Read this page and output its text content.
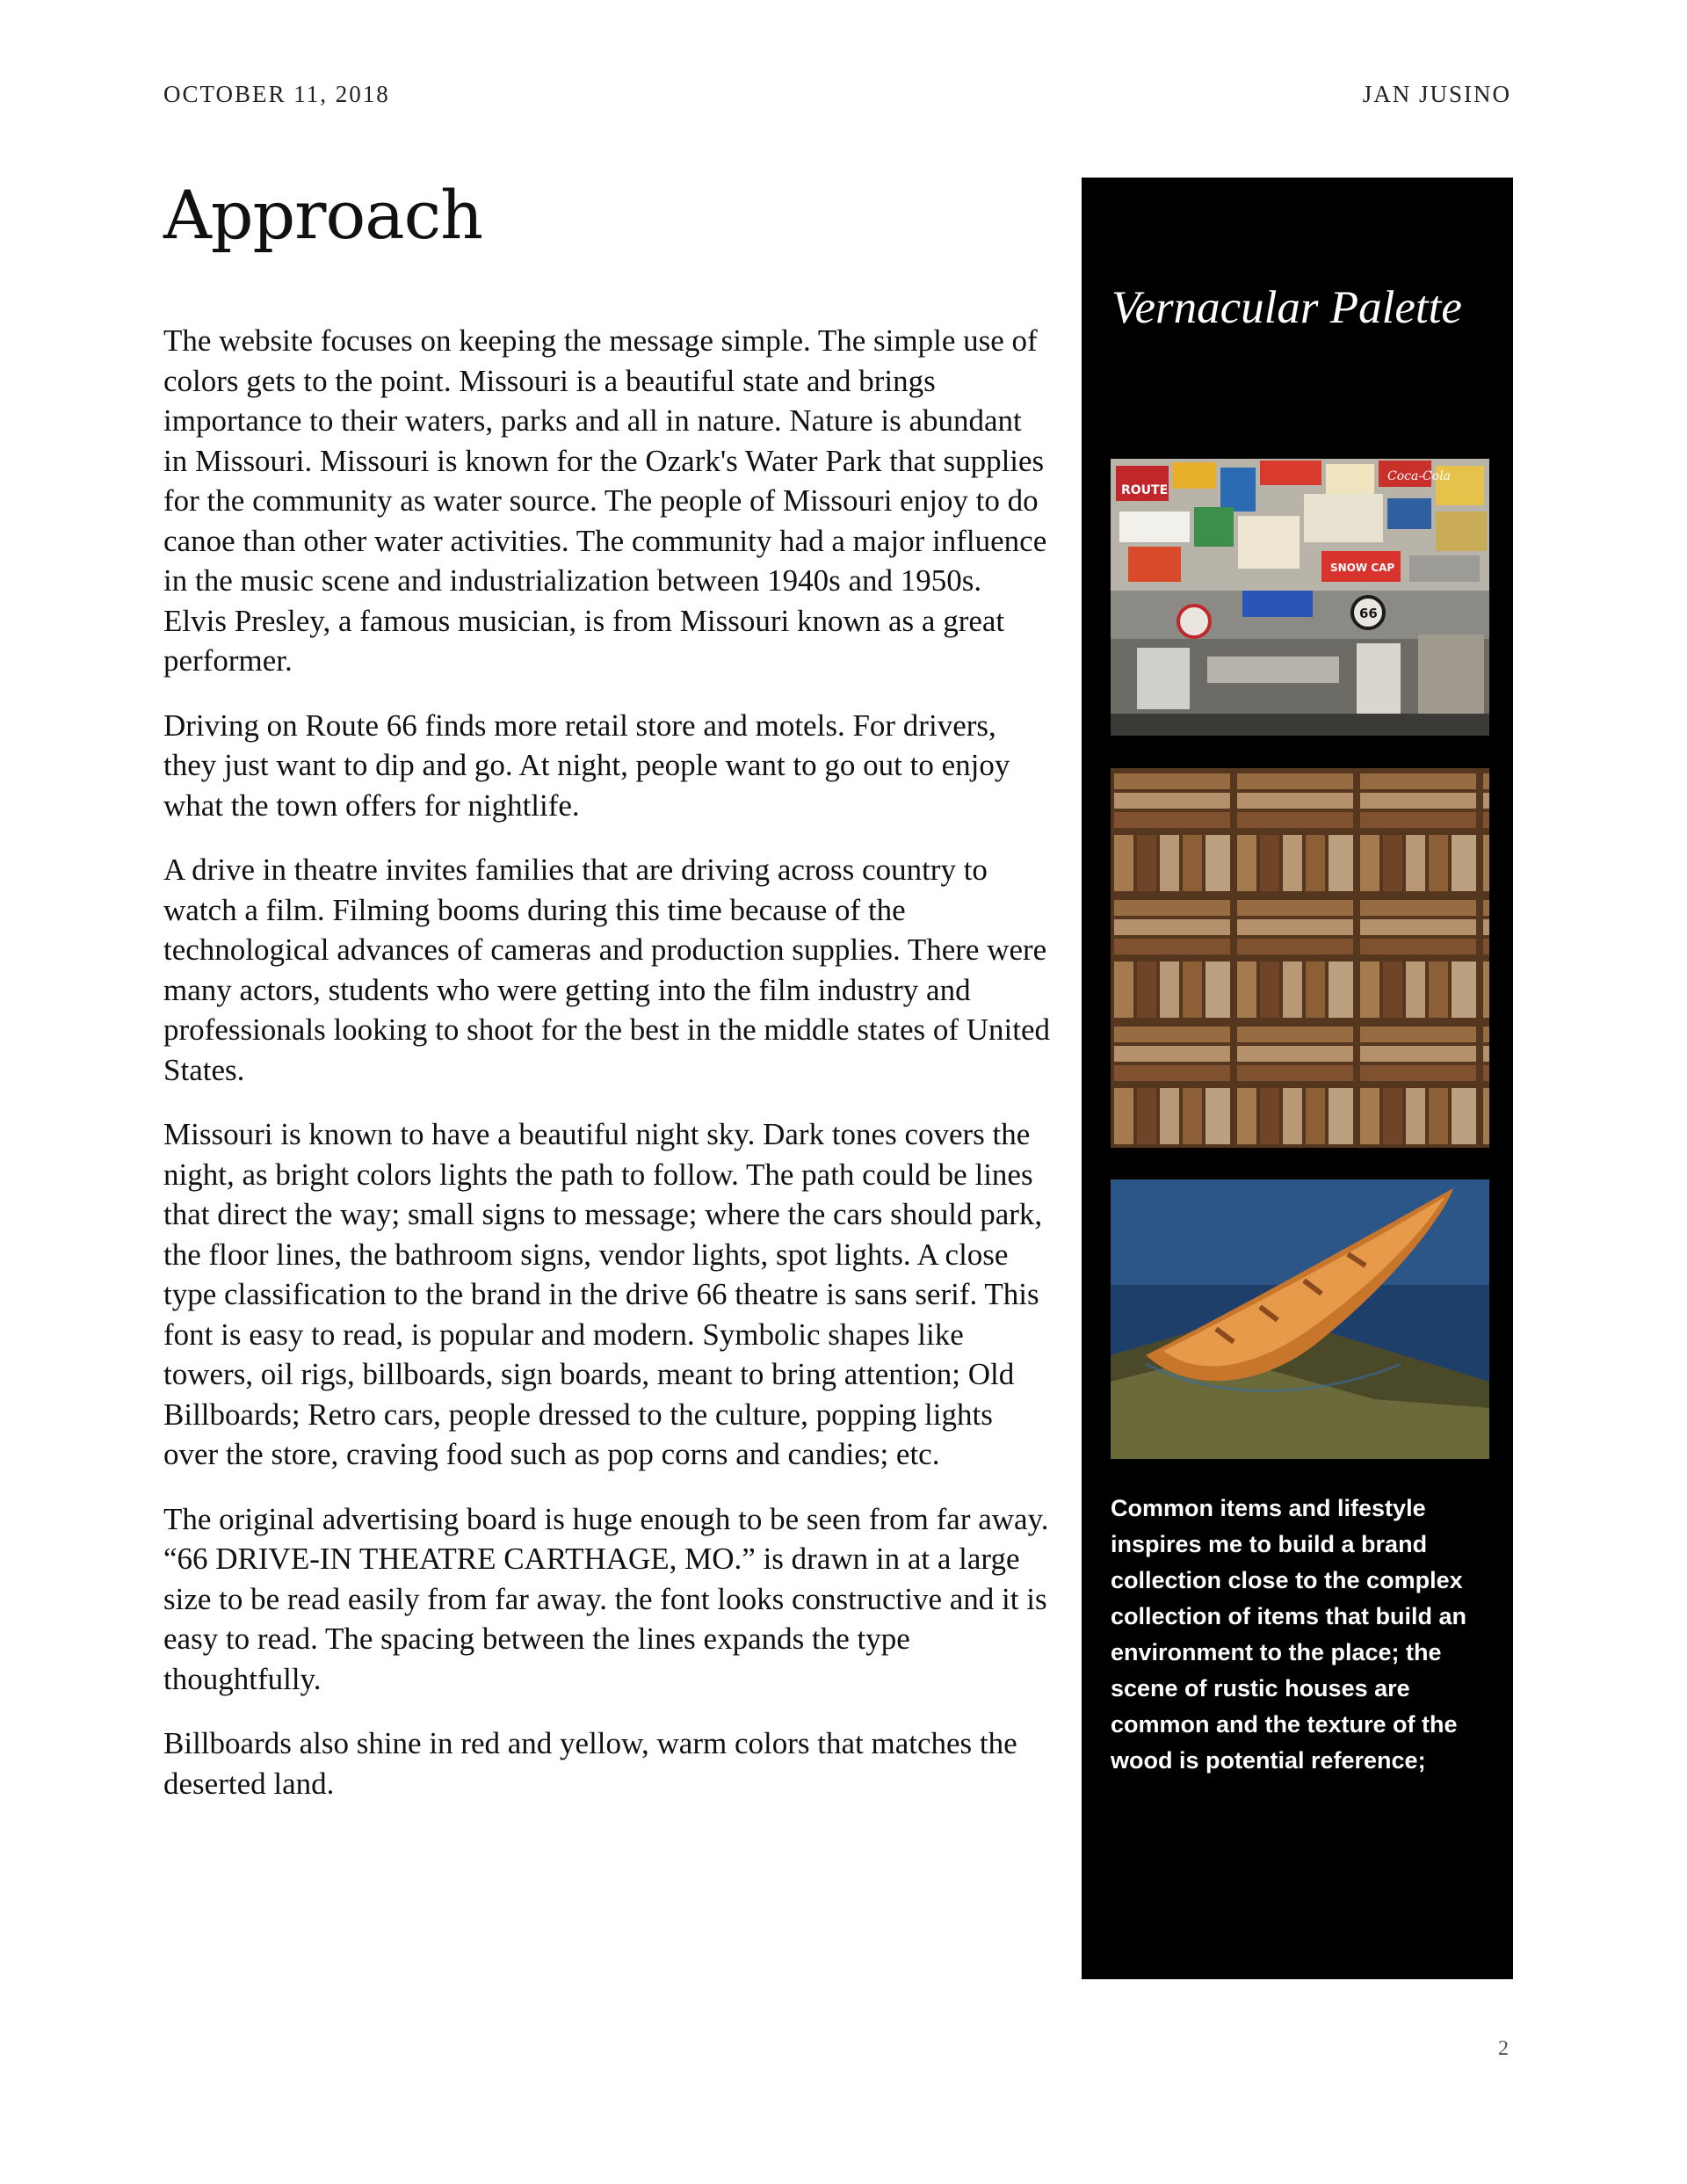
OCTOBER 11, 2018	JAN JUSINO
Approach

The website focuses on keeping the message simple. The simple use of colors gets to the point. Missouri is a beautiful state and brings importance to their waters, parks and all in nature. Nature is abundant in Missouri. Missouri is known for the Ozark's Water Park that supplies for the community as water source. The people of Missouri enjoy to do canoe than other water activities. The community had a major influence in the music scene and industrialization between 1940s and 1950s. Elvis Presley, a famous musician, is from Missouri known as a great performer.

Driving on Route 66 finds more retail store and motels. For drivers, they just want to dip and go. At night, people want to go out to enjoy what the town offers for nightlife.

A drive in theatre invites families that are driving across country to watch a film. Filming booms during this time because of the technological advances of cameras and production supplies. There were many actors, students who were getting into the film industry and professionals looking to shoot for the best in the middle states of United States.

Missouri is known to have a beautiful night sky. Dark tones covers the night, as bright colors lights the path to follow. The path could be lines that direct the way; small signs to message; where the cars should park, the floor lines, the bathroom signs, vendor lights, spot lights. A close type classification to the brand in the drive 66 theatre is sans serif. This font is easy to read, is popular and modern. Symbolic shapes like towers, oil rigs, billboards, sign boards, meant to bring attention; Old Billboards; Retro cars, people dressed to the culture, popping lights over the store, craving food such as pop corns and candies; etc.

The original advertising board is huge enough to be seen from far away. “66 DRIVE-IN THEATRE CARTHAGE, MO.” is drawn in at a large size to be read easily from far away. the font looks constructive and it is easy to read. The spacing between the lines expands the type thoughtfully.

Billboards also shine in red and yellow, warm colors that matches the deserted land.

Vernacular Palette
ROUTE
Coca-Cola
66
SNOW CAP
Common items and lifestyle inspires me to build a brand collection close to the complex collection of items that build an environment to the place; the scene of rustic houses are common and the texture of the wood is potential reference;
2
